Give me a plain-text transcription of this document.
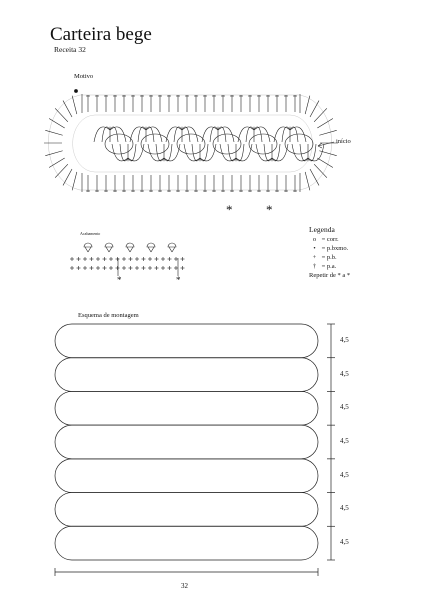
Carteira bege
Receita 32
Motivo
início
*	*
Acabamento
*	*
Legenda
o = corr.
• = p.bxmo.
+ = p.b.
† = p.a.
Repetir de * a *
Esquema de montagem
4,5
4,5
4,5
4,5
4,5
4,5
4,5
32
